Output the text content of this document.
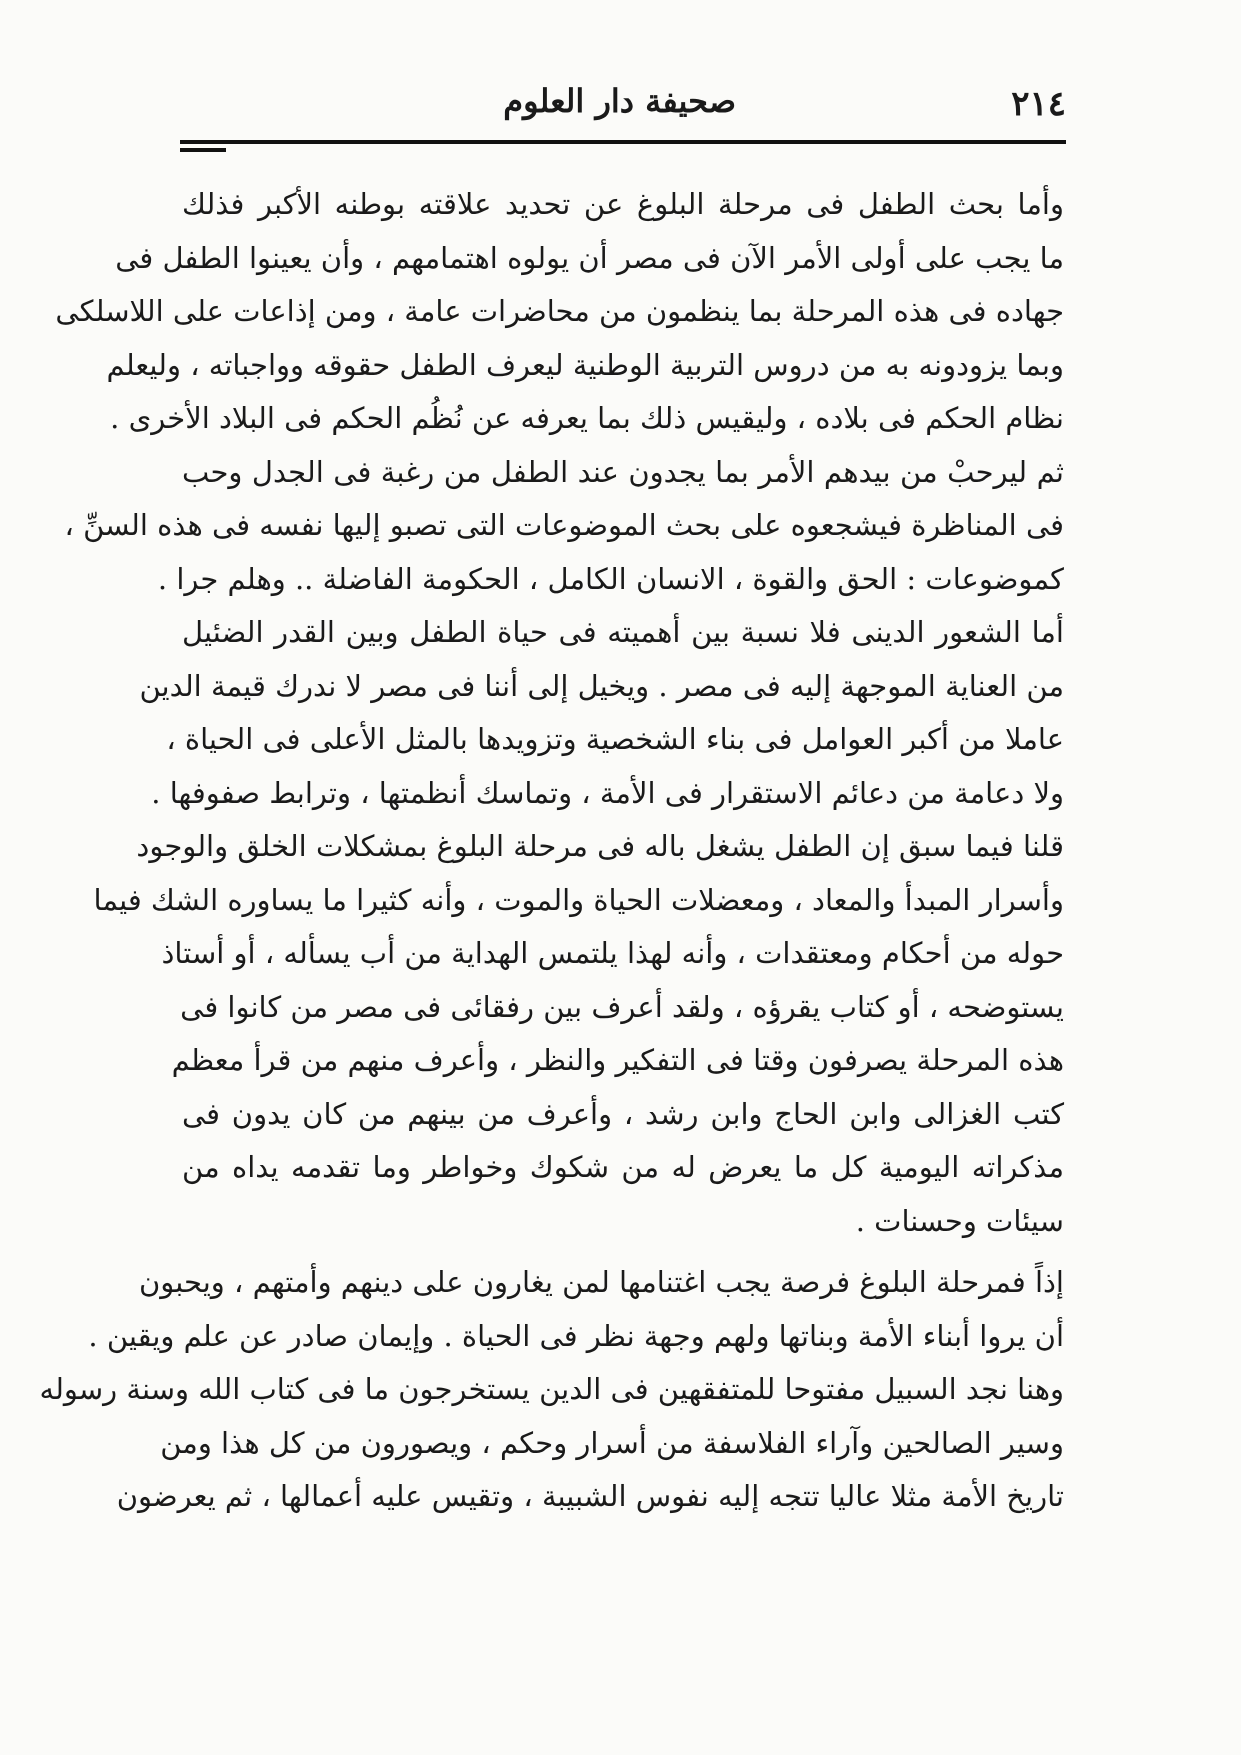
٢١٤
صحيفة دار العلوم
وأما بحث الطفل فى مرحلة البلوغ عن تحديد علاقته بوطنه الأكبر فذلك
ما يجب على أولى الأمر الآن فى مصر أن يولوه اهتمامهم ، وأن يعينوا الطفل فى
جهاده فى هذه المرحلة بما ينظمون من محاضرات عامة ، ومن إذاعات على اللاسلكى
وبما يزودونه به من دروس التربية الوطنية ليعرف الطفل حقوقه وواجباته ، وليعلم
نظام الحكم فى بلاده ، وليقيس ذلك بما يعرفه عن نُظُم الحكم فى البلاد الأخرى .
ثم ليرحبْ من بيدهم الأمر بما يجدون عند الطفل من رغبة فى الجدل وحب
فى المناظرة فيشجعوه على بحث الموضوعات التى تصبو إليها نفسه فى هذه السنِّ ،
كموضوعات : الحق والقوة ، الانسان الكامل ، الحكومة الفاضلة .. وهلم جرا .
أما الشعور الدينى فلا نسبة بين أهميته فى حياة الطفل وبين القدر الضئيل
من العناية الموجهة إليه فى مصر . ويخيل إلى أننا فى مصر لا ندرك قيمة الدين
عاملا من أكبر العوامل فى بناء الشخصية وتزويدها بالمثل الأعلى فى الحياة ،
ولا دعامة من دعائم الاستقرار فى الأمة ، وتماسك أنظمتها ، وترابط صفوفها .
قلنا فيما سبق إن الطفل يشغل باله فى مرحلة البلوغ بمشكلات الخلق والوجود
وأسرار المبدأ والمعاد ، ومعضلات الحياة والموت ، وأنه كثيرا ما يساوره الشك فيما
حوله من أحكام ومعتقدات ، وأنه لهذا يلتمس الهداية من أب يسأله ، أو أستاذ
يستوضحه ، أو كتاب يقرؤه ، ولقد أعرف بين رفقائى فى مصر من كانوا فى
هذه المرحلة يصرفون وقتا فى التفكير والنظر ، وأعرف منهم من قرأ معظم
كتب الغزالى وابن الحاج وابن رشد ، وأعرف من بينهم من كان يدون فى
مذكراته اليومية كل ما يعرض له من شكوك وخواطر وما تقدمه يداه من
سيئات وحسنات .
إذاً فمرحلة البلوغ فرصة يجب اغتنامها لمن يغارون على دينهم وأمتهم ، ويحبون
أن يروا أبناء الأمة وبناتها ولهم وجهة نظر فى الحياة . وإيمان صادر عن علم ويقين .
وهنا نجد السبيل مفتوحا للمتفقهين فى الدين يستخرجون ما فى كتاب الله وسنة رسوله
وسير الصالحين وآراء الفلاسفة من أسرار وحكم ، ويصورون من كل هذا ومن
تاريخ الأمة مثلا عاليا تتجه إليه نفوس الشبيبة ، وتقيس عليه أعمالها ، ثم يعرضون
